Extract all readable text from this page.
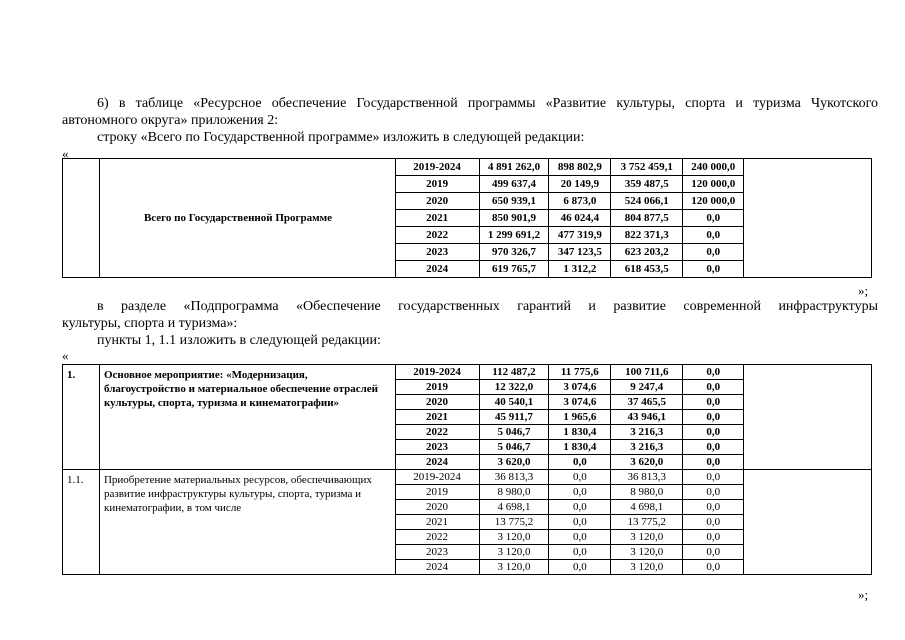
6) в таблице «Ресурсное обеспечение Государственной программы «Развитие культуры, спорта и туризма Чукотского
автономного округа» приложения 2:
строку «Всего по Государственной программе» изложить в следующей редакции:
«
	Всего по Государственной Программе	2019-2024	4 891 262,0	898 802,9	3 752 459,1	240 000,0	
		2019	499 637,4	20 149,9	359 487,5	120 000,0	
		2020	650 939,1	6 873,0	524 066,1	120 000,0	
		2021	850 901,9	46 024,4	804 877,5	0,0	
		2022	1 299 691,2	477 319,9	822 371,3	0,0	
		2023	970 326,7	347 123,5	623 203,2	0,0	
		2024	619 765,7	1 312,2	618 453,5	0,0	
»;
в разделе «Подпрограмма «Обеспечение государственных гарантий и развитие современной инфраструктуры
культуры, спорта и туризма»:
пункты 1, 1.1 изложить в следующей редакции:
«
1.	Основное мероприятие: «Модернизация, благоустройство и материальное обеспечение отраслей культуры, спорта, туризма и кинематографии»	2019-2024	112 487,2	11 775,6	100 711,6	0,0	
		2019	12 322,0	3 074,6	9 247,4	0,0	
		2020	40 540,1	3 074,6	37 465,5	0,0	
		2021	45 911,7	1 965,6	43 946,1	0,0	
		2022	5 046,7	1 830,4	3 216,3	0,0	
		2023	5 046,7	1 830,4	3 216,3	0,0	
		2024	3 620,0	0,0	3 620,0	0,0	
1.1.	Приобретение материальных ресурсов, обеспечивающих развитие инфраструктуры культуры, спорта, туризма и кинематографии, в том числе	2019-2024	36 813,3	0,0	36 813,3	0,0	
		2019	8 980,0	0,0	8 980,0	0,0	
		2020	4 698,1	0,0	4 698,1	0,0	
		2021	13 775,2	0,0	13 775,2	0,0	
		2022	3 120,0	0,0	3 120,0	0,0	
		2023	3 120,0	0,0	3 120,0	0,0	
		2024	3 120,0	0,0	3 120,0	0,0	
»;
